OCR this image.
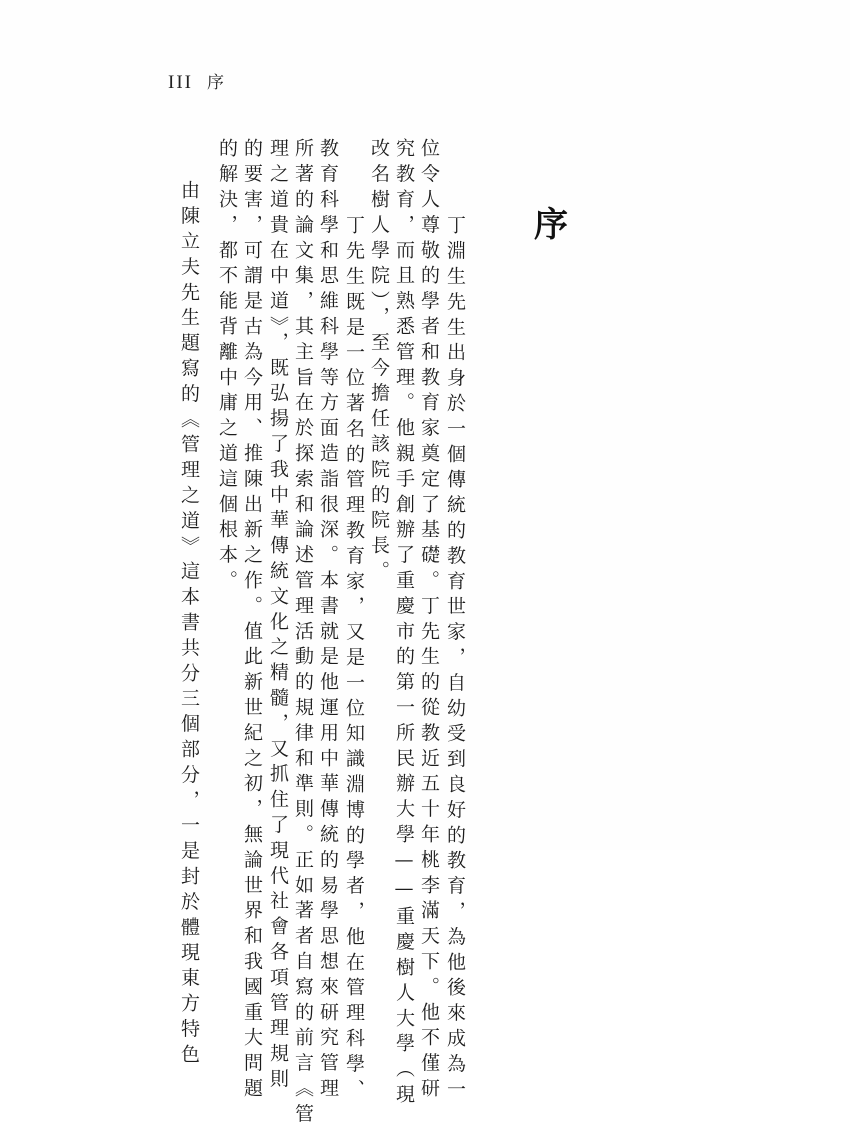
III 序
序
丁淵生先生出身於一個傳統的教育世家，自幼受到良好的教育，為他後來成為一
位令人尊敬的學者和教育家奠定了基礎。丁先生的從教近五十年桃李滿天下。他不僅研
究教育，而且熟悉管理。他親手創辦了重慶市的第一所民辦大學——重慶樹人大學（現
改名樹人學院），至今擔任該院的院長。
丁先生既是一位著名的管理教育家，又是一位知識淵博的學者，他在管理科學、
教育科學和思維科學等方面造詣很深。本書就是他運用中華傳統的易學思想來研究管理
所著的論文集，其主旨在於探索和論述管理活動的規律和準則。正如著者自寫的前言《管
理之道貴在中道》，既弘揚了我中華傳統文化之精髓，又抓住了現代社會各項管理規則
的要害，可謂是古為今用、推陳出新之作。值此新世紀之初，無論世界和我國重大問題
的解決，都不能背離中庸之道這個根本。
由陳立夫先生題寫的《管理之道》這本書共分三個部分，一是封於體現東方特色
